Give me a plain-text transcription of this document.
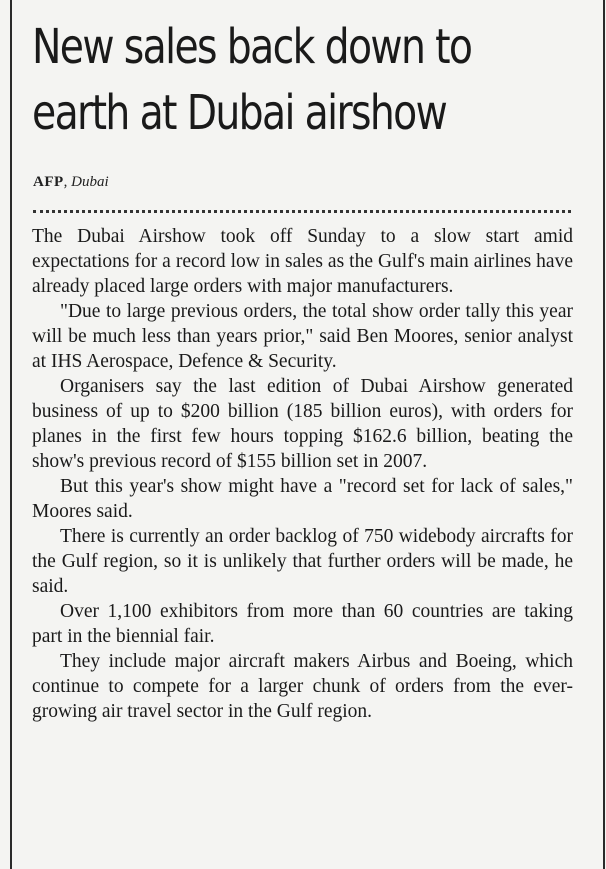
New sales back down to
earth at Dubai airshow
AFP, Dubai

The Dubai Airshow took off Sunday to a slow start amid expectations for a record low in sales as the Gulf's main airlines have already placed large orders with major manufacturers.

"Due to large previous orders, the total show order tally this year will be much less than years prior," said Ben Moores, senior analyst at IHS Aerospace, Defence & Security.

Organisers say the last edition of Dubai Airshow generated business of up to $200 billion (185 billion euros), with orders for planes in the first few hours topping $162.6 billion, beating the show's previous record of $155 billion set in 2007.

But this year's show might have a "record set for lack of sales," Moores said.

There is currently an order backlog of 750 widebody aircrafts for the Gulf region, so it is unlikely that further orders will be made, he said.

Over 1,100 exhibitors from more than 60 countries are taking part in the biennial fair.

They include major aircraft makers Airbus and Boeing, which continue to compete for a larger chunk of orders from the ever-growing air travel sector in the Gulf region.
